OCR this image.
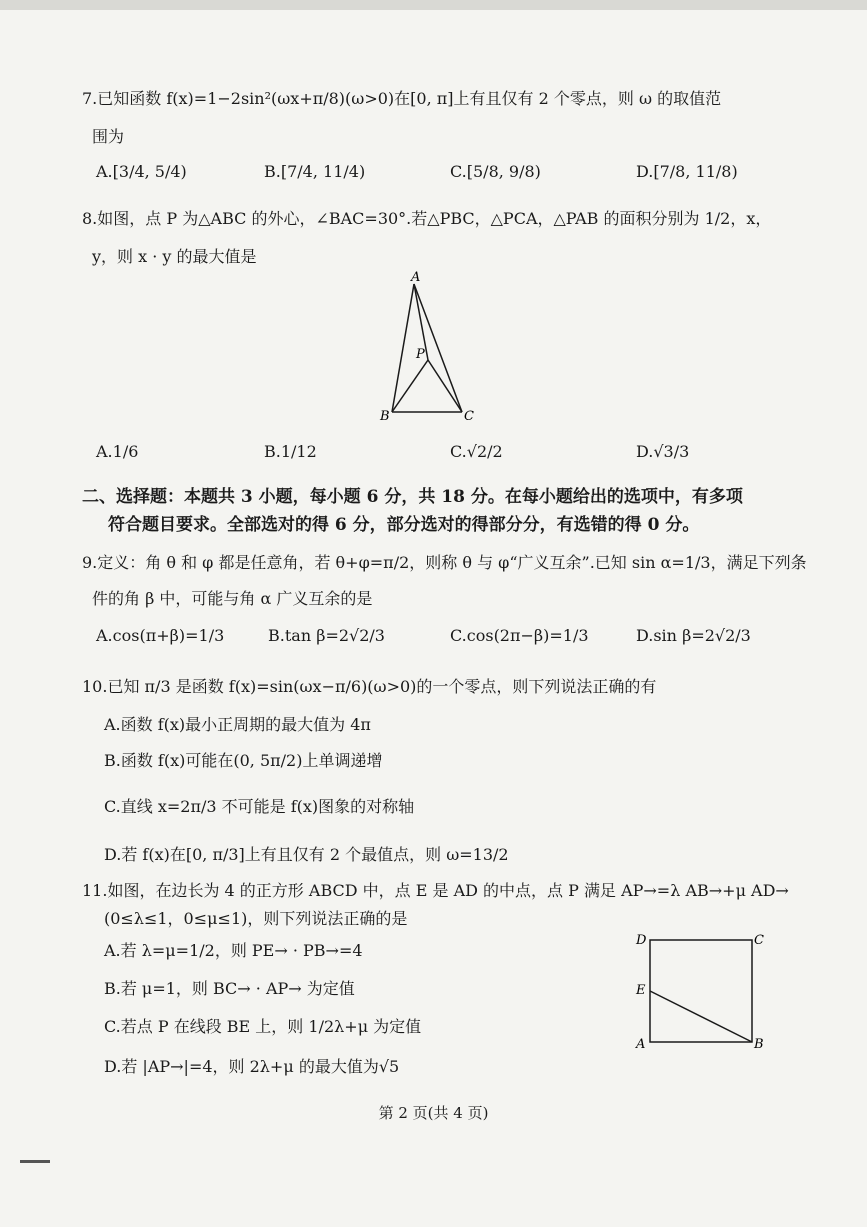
7.已知函数 f(x)=1−2sin²(ωx+π/8)(ω>0)在[0, π]上有且仅有 2 个零点，则 ω 的取值范
围为
A.[3/4, 5/4)	B.[7/4, 11/4)	C.[5/8, 9/8)	D.[7/8, 11/8)
8.如图，点 P 为△ABC 的外心，∠BAC=30°.若△PBC，△PCA，△PAB 的面积分别为 1/2，x，
y，则 x · y 的最大值是
A
B	C
P
A.1/6	B.1/12	C.√2/2	D.√3/3
二、选择题：本题共 3 小题，每小题 6 分，共 18 分。在每小题给出的选项中，有多项
符合题目要求。全部选对的得 6 分，部分选对的得部分分，有选错的得 0 分。
9.定义：角 θ 和 φ 都是任意角，若 θ+φ=π/2，则称 θ 与 φ“广义互余”.已知 sin α=1/3，满足下列条
件的角 β 中，可能与角 α 广义互余的是
A.cos(π+β)=1/3	B.tan β=2√2/3	C.cos(2π−β)=1/3	D.sin β=2√2/3
10.已知 π/3 是函数 f(x)=sin(ωx−π/6)(ω>0)的一个零点，则下列说法正确的有
A.函数 f(x)最小正周期的最大值为 4π
B.函数 f(x)可能在(0, 5π/2)上单调递增
C.直线 x=2π/3 不可能是 f(x)图象的对称轴
D.若 f(x)在[0, π/3]上有且仅有 2 个最值点，则 ω=13/2
11.如图，在边长为 4 的正方形 ABCD 中，点 E 是 AD 的中点，点 P 满足 AP→=λ AB→+μ AD→
(0≤λ≤1，0≤μ≤1)，则下列说法正确的是
A.若 λ=μ=1/2，则 PE→ · PB→=4
B.若 μ=1，则 BC→ · AP→ 为定值
C.若点 P 在线段 BE 上，则 1/2λ+μ 为定值
D.若 |AP→|=4，则 2λ+μ 的最大值为√5
D	C
E
A	B
第 2 页(共 4 页)
